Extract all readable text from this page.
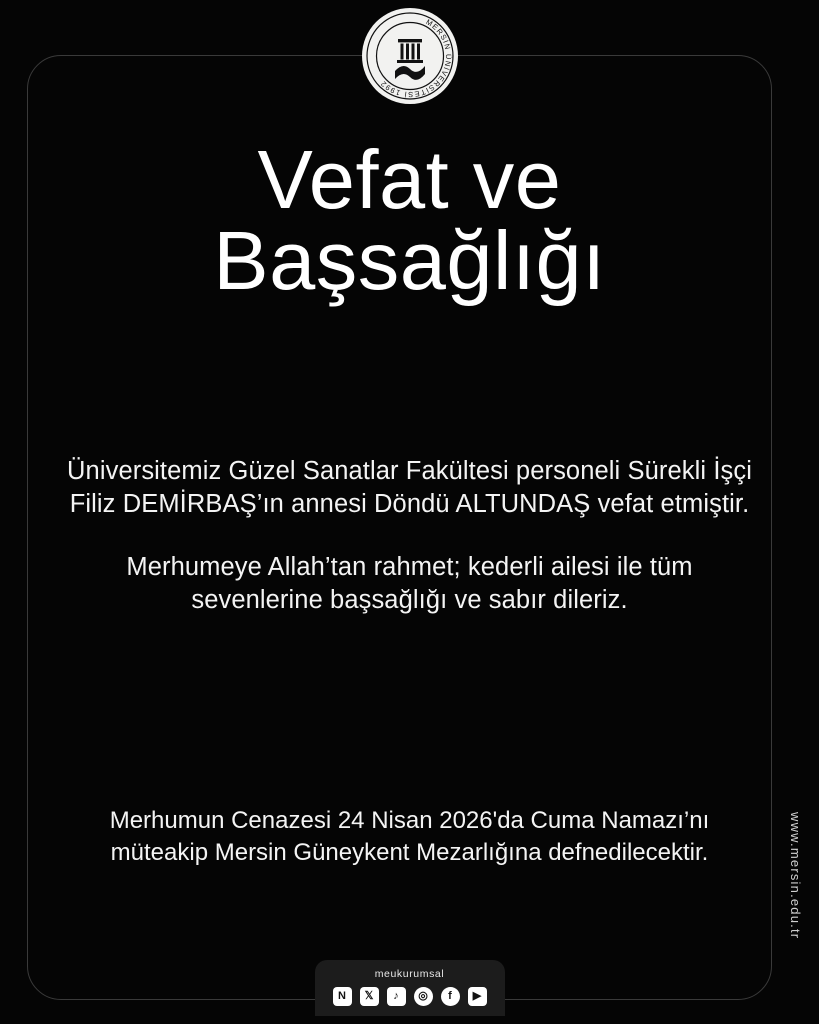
MERSİN ÜNİVERSİTESİ 1992
Vefat ve
Başsağlığı

Üniversitemiz Güzel Sanatlar Fakültesi personeli Sürekli İşçi Filiz DEMİRBAŞ’ın annesi Döndü ALTUNDAŞ vefat etmiştir.

Merhumeye Allah’tan rahmet; kederli ailesi ile tüm sevenlerine başsağlığı ve sabır dileriz.

Merhumun Cenazesi 24 Nisan 2026'da Cuma Namazı’nı müteakip Mersin Güneykent Mezarlığına defnedilecektir.	www.mersin.edu.tr
meukurumsal
N	𝕏	♪	◎	f	▶
